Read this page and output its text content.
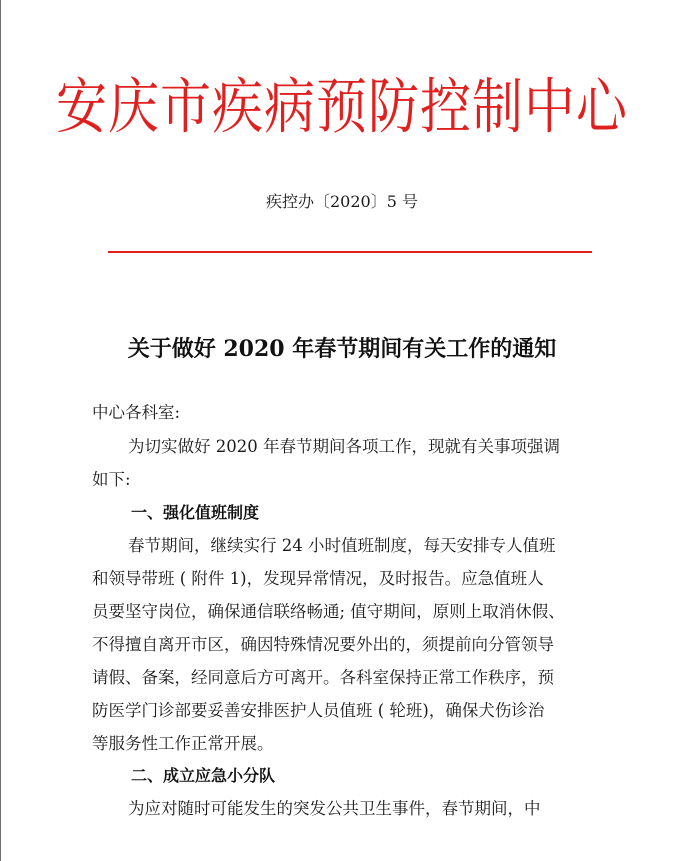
安庆市疾病预防控制中心
疾控办〔2020〕5 号
关于做好 2020 年春节期间有关工作的通知
中心各科室:
为切实做好 2020 年春节期间各项工作，现就有关事项强调
如下:
一、强化值班制度
春节期间，继续实行 24 小时值班制度，每天安排专人值班
和领导带班 ( 附件 1)，发现异常情况，及时报告。应急值班人
员要坚守岗位，确保通信联络畅通; 值守期间，原则上取消休假、
不得擅自离开市区，确因特殊情况要外出的，须提前向分管领导
请假、备案，经同意后方可离开。各科室保持正常工作秩序，预
防医学门诊部要妥善安排医护人员值班 ( 轮班)，确保犬伤诊治
等服务性工作正常开展。
二、成立应急小分队
为应对随时可能发生的突发公共卫生事件，春节期间，中
